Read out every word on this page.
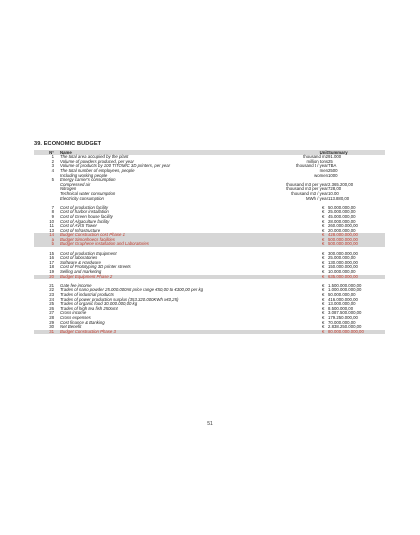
39. ECONOMIC BUDGET
N° Name	Unit Summary
1 The total area accupied by the plant	thousand m2 91.000
2 Volume of powders produced, per year	million tons 25
3 Volume of products by 100 TITOMIC 3D printers, per year	thousand t / year TBA
4 The total number of employees, people	men 2500
Including working people	women 1000
5 Energy carrier's consumption
Compressed air	thousand m3 per year 2.365.200,00
Nitrogen	thousand m3 per year 728,00
Technical water consumption	thousand m3 / year 10.00
Electricity consumption	MWh / year 113.880,00
7 Cost of production facility	€ 50.000.000,00
8 Cost of harbor installation	€ 25.000.000,00
9 Cost of Green house facility	€ 45.000.000,00
10 Cost of Algaculture facility	€ 28.000.000,00
11 Cost of AVIS Tower	€ 260.000.000,00
13 Cost of Infrastructure	€ 20.000.000,00
14 Budget Construction cost Phase 1	€ 428.000.000,00
a Budget Simonhoecs facilities	€ 500.000.000,00
b Budget Graphene installation and Laboratories	€ 500.000.000,00
15 Cost of production Equipment	€ 300.000.000,00
16 Cost of laboratories	€ 25.000.000,00
17 Software & Hardware	€ 130.000.000,00
18 Cost of Prototyping 3D printer streets	€ 150.000.000,00
19 Selling and marketing	€ 10.000.000,00
20 Budget Equipment Phase 2	€ 635.000.000,00
21 Gate fee income	€ 1.500.000.000,00
22 Trades of nano powder 25.000.000mt price range €50,00 to €300,00 per kg	€ 1.000.000.000,00
23 Trades of industrial products	€ 50.000.000,00
24 Trades of power production surplus (353.320.000KWh x€0,25)	€ 416.000.000,00
25 Trades of organic food 30.000.000,00 kg	€ 13.000.000,00
26 Trades of high tea fish 250omt	€ 8.500.000,00
27 Cross income	€ 3.087.500.000,00
28 Cross expenses	€ 179.250.000,00
29 Cost finance & Banking	€ 70.000.000,00
30 Net Benefit	€ 2.838.250.000,00
31 Budget Construction Phase 3	€ 80.000.000.000,00
51
